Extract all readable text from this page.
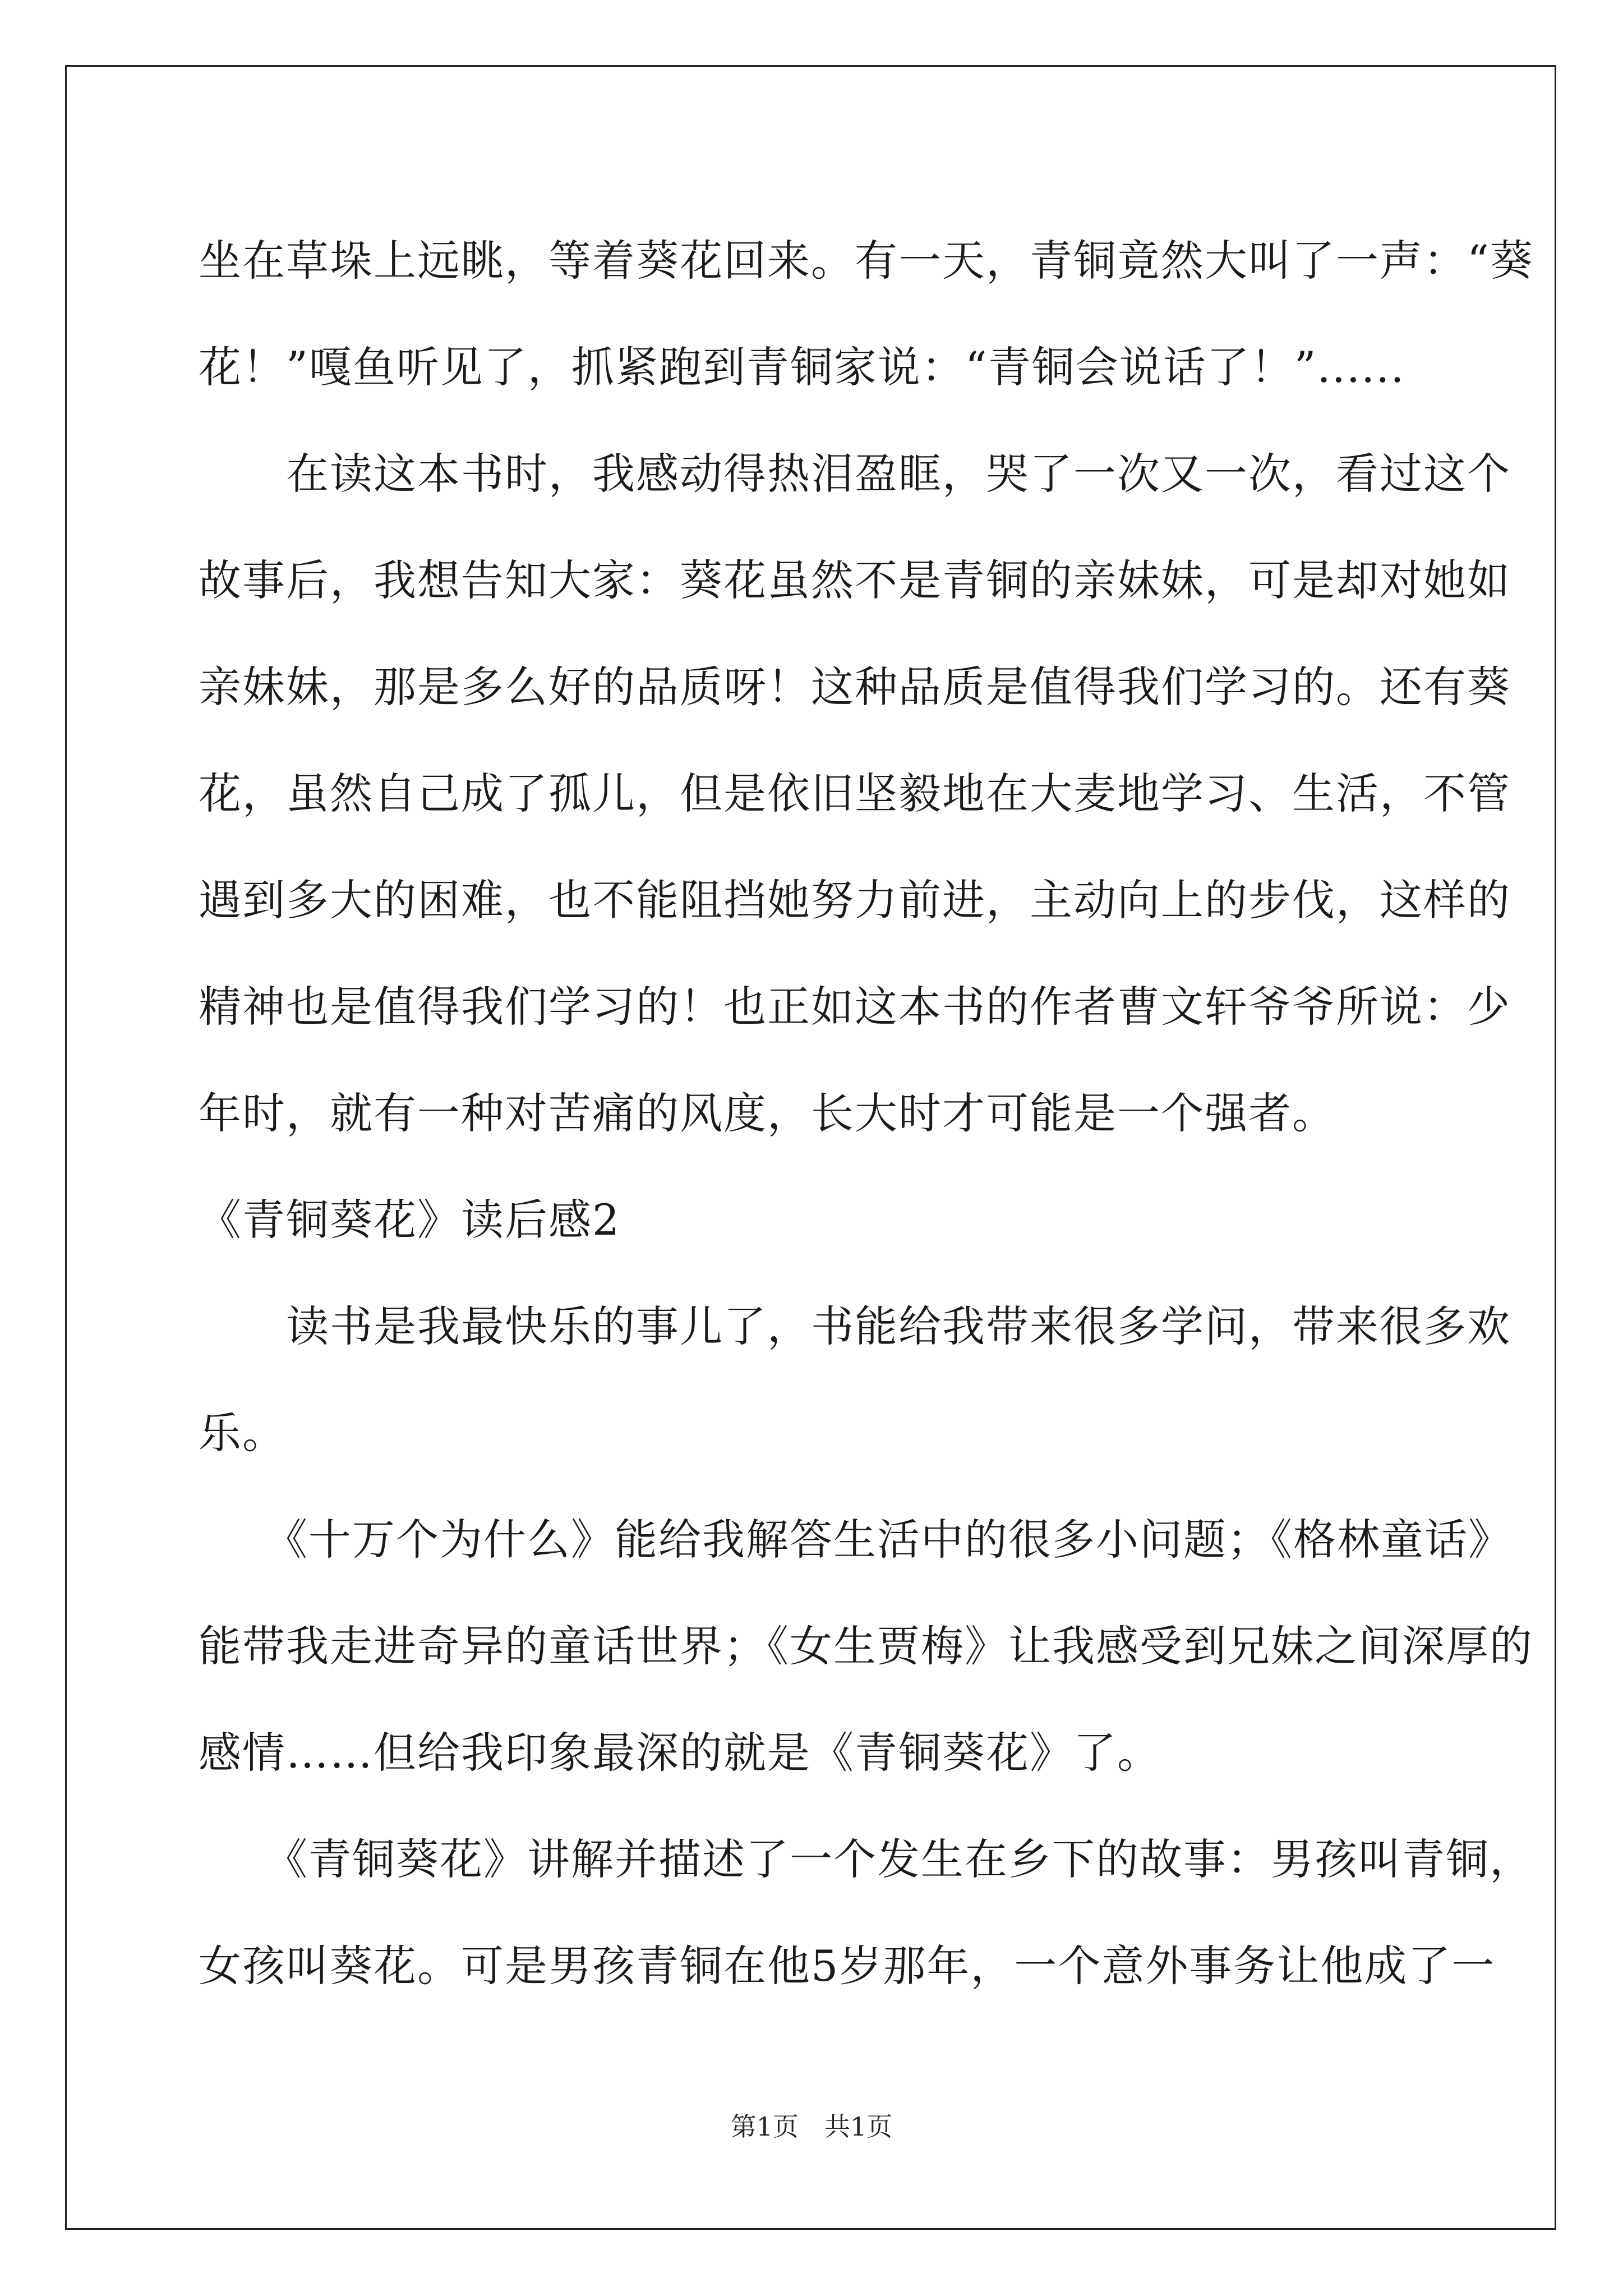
坐在草垛上远眺，等着葵花回来。有一天，青铜竟然大叫了一声：“葵
花！”嘎鱼听见了，抓紧跑到青铜家说：“青铜会说话了！”......
　　在读这本书时，我感动得热泪盈眶，哭了一次又一次，看过这个
故事后，我想告知大家：葵花虽然不是青铜的亲妹妹，可是却对她如
亲妹妹，那是多么好的品质呀！这种品质是值得我们学习的。还有葵
花，虽然自己成了孤儿，但是依旧坚毅地在大麦地学习、生活，不管
遇到多大的困难，也不能阻挡她努力前进，主动向上的步伐，这样的
精神也是值得我们学习的！也正如这本书的作者曹文轩爷爷所说：少
年时，就有一种对苦痛的风度，长大时才可能是一个强者。
《青铜葵花》读后感2
　　读书是我最快乐的事儿了，书能给我带来很多学问，带来很多欢
乐。
　　《十万个为什么》能给我解答生活中的很多小问题；《格林童话》
能带我走进奇异的童话世界；《女生贾梅》让我感受到兄妹之间深厚的
感情……但给我印象最深的就是《青铜葵花》了。
　　《青铜葵花》讲解并描述了一个发生在乡下的故事：男孩叫青铜，
女孩叫葵花。可是男孩青铜在他5岁那年，一个意外事务让他成了一
第1页　共1页
